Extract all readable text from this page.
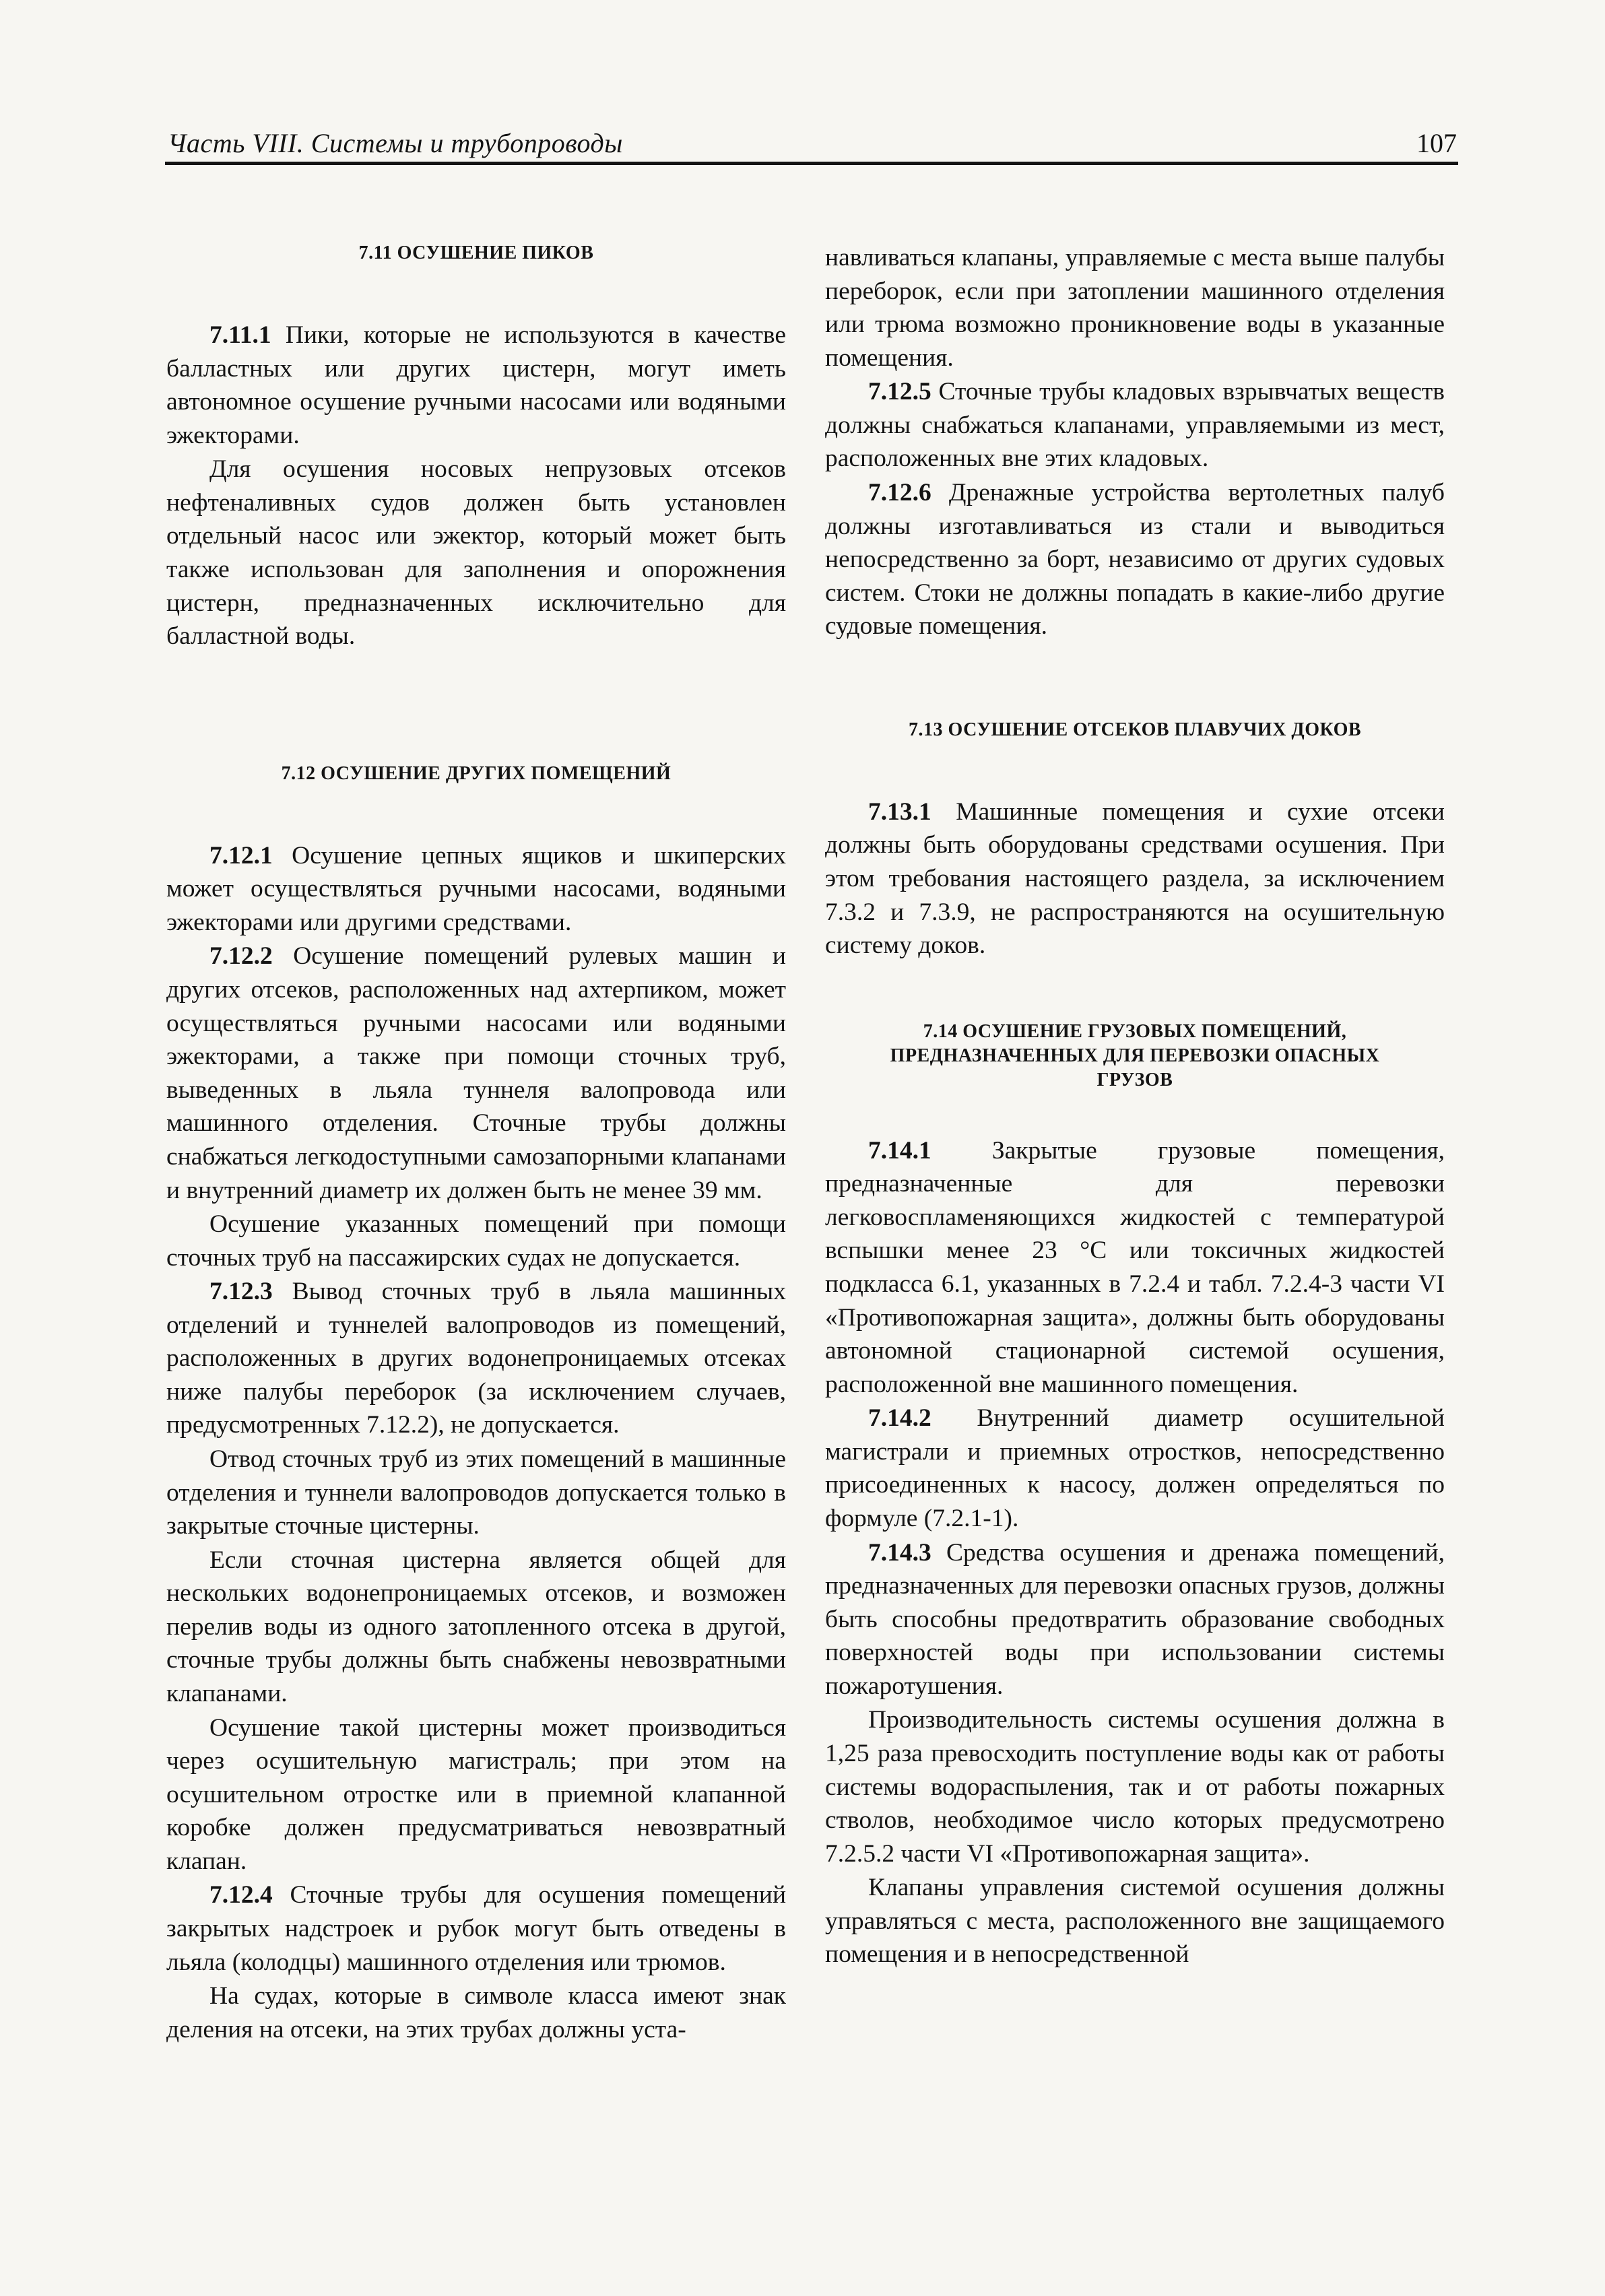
Часть VIII. Системы и трубопроводы	107
7.11 ОСУШЕНИЕ ПИКОВ

7.11.1 Пики, которые не используются в качестве балластных или других цистерн, могут иметь автономное осушение ручными насосами или водяными эжекторами.

Для осушения носовых непрузовых отсеков нефтеналивных судов должен быть установлен отдельный насос или эжектор, который может быть также использован для заполнения и опорожнения цистерн, предназначенных исключительно для балластной воды.

7.12 ОСУШЕНИЕ ДРУГИХ ПОМЕЩЕНИЙ

7.12.1 Осушение цепных ящиков и шкиперских может осуществляться ручными насосами, водяными эжекторами или другими средствами.

7.12.2 Осушение помещений рулевых машин и других отсеков, расположенных над ахтерпиком, может осуществляться ручными насосами или водяными эжекторами, а также при помощи сточных труб, выведенных в льяла туннеля валопровода или машинного отделения. Сточные трубы должны снабжаться легкодоступными самозапорными клапанами и внутренний диаметр их должен быть не менее 39 мм.

Осушение указанных помещений при помощи сточных труб на пассажирских судах не допускается.

7.12.3 Вывод сточных труб в льяла машинных отделений и туннелей валопроводов из помещений, расположенных в других водонепроницаемых отсеках ниже палубы переборок (за исключением случаев, предусмотренных 7.12.2), не допускается.

Отвод сточных труб из этих помещений в машинные отделения и туннели валопроводов допускается только в закрытые сточные цистерны.

Если сточная цистерна является общей для нескольких водонепроницаемых отсеков, и возможен перелив воды из одного затопленного отсека в другой, сточные трубы должны быть снабжены невозвратными клапанами.

Осушение такой цистерны может производиться через осушительную магистраль; при этом на осушительном отростке или в приемной клапанной коробке должен предусматриваться невозвратный клапан.

7.12.4 Сточные трубы для осушения помещений закрытых надстроек и рубок могут быть отведены в льяла (колодцы) машинного отделения или трюмов.

На судах, которые в символе класса имеют знак деления на отсеки, на этих трубах должны уста-

навливаться клапаны, управляемые с места выше палубы переборок, если при затоплении машинного отделения или трюма возможно проникновение воды в указанные помещения.

7.12.5 Сточные трубы кладовых взрывчатых веществ должны снабжаться клапанами, управляемыми из мест, расположенных вне этих кладовых.

7.12.6 Дренажные устройства вертолетных палуб должны изготавливаться из стали и выводиться непосредственно за борт, независимо от других судовых систем. Стоки не должны попадать в какие-либо другие судовые помещения.

7.13 ОСУШЕНИЕ ОТСЕКОВ ПЛАВУЧИХ ДОКОВ

7.13.1 Машинные помещения и сухие отсеки должны быть оборудованы средствами осушения. При этом требования настоящего раздела, за исключением 7.3.2 и 7.3.9, не распространяются на осушительную систему доков.

7.14 ОСУШЕНИЕ ГРУЗОВЫХ ПОМЕЩЕНИЙ, ПРЕДНАЗНАЧЕННЫХ ДЛЯ ПЕРЕВОЗКИ ОПАСНЫХ ГРУЗОВ

7.14.1 Закрытые грузовые помещения, предназначенные для перевозки легковоспламеняющихся жидкостей с температурой вспышки менее 23 °С или токсичных жидкостей подкласса 6.1, указанных в 7.2.4 и табл. 7.2.4-3 части VI «Противопожарная защита», должны быть оборудованы автономной стационарной системой осушения, расположенной вне машинного помещения.

7.14.2 Внутренний диаметр осушительной магистрали и приемных отростков, непосредственно присоединенных к насосу, должен определяться по формуле (7.2.1-1).

7.14.3 Средства осушения и дренажа помещений, предназначенных для перевозки опасных грузов, должны быть способны предотвратить образование свободных поверхностей воды при использовании системы пожаротушения.

Производительность системы осушения должна в 1,25 раза превосходить поступление воды как от работы системы водораспыления, так и от работы пожарных стволов, необходимое число которых предусмотрено 7.2.5.2 части VI «Противопожарная защита».

Клапаны управления системой осушения должны управляться с места, расположенного вне защищаемого помещения и в непосредственной
